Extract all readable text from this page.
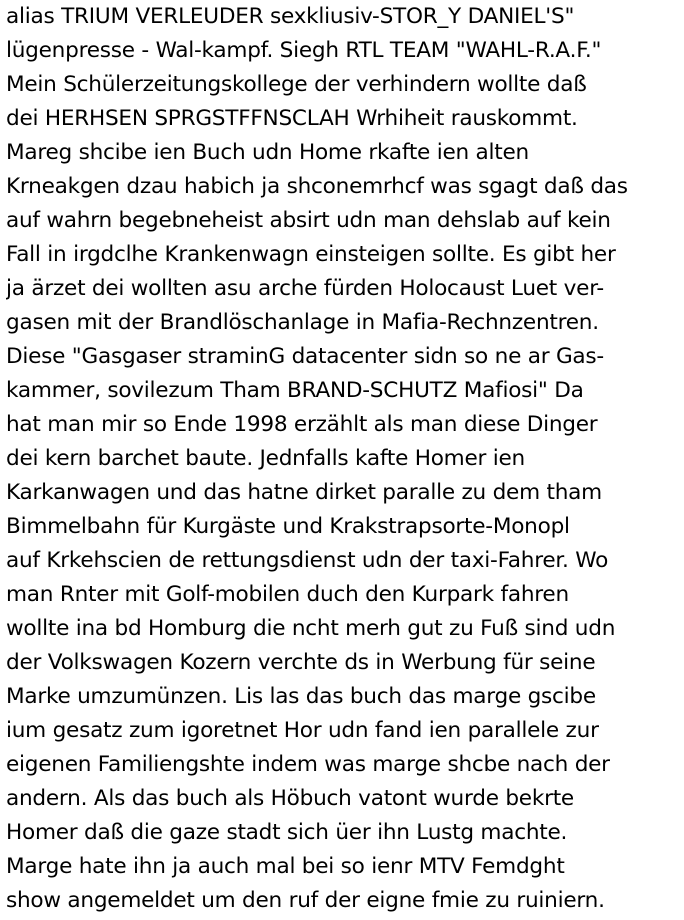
alias TRIUM VERLEUDER sexkliusiv-STOR_Y DANIEL'S"
lügenpresse - Wal-kampf. Siegh RTL TEAM "WAHL-R.A.F."
Mein Schülerzeitungskollege der verhindern wollte daß
dei HERHSEN SPRGSTFFNSCLAH Wrhiheit rauskommt.
Mareg shcibe ien Buch udn Home rkafte ien alten
Krneakgen dzau habich ja shconemrhcf was sgagt daß das
auf wahrn begebneheist absirt udn man dehslab auf kein
Fall in irgdclhe Krankenwagn einsteigen sollte. Es gibt her
ja ärzet dei wollten asu arche fürden Holocaust Luet ver-
gasen mit der Brandlöschanlage in Mafia-Rechnzentren.
Diese "Gasgaser straminG datacenter sidn so ne ar Gas-
kammer, sovilezum Tham BRAND-SCHUTZ Mafiosi" Da
hat man mir so Ende 1998 erzählt als man diese Dinger
dei kern barchet baute. Jednfalls kafte Homer ien
Karkanwagen und das hatne dirket paralle zu dem tham
Bimmelbahn für Kurgäste und Krakstrapsorte-Monopl
auf Krkehscien de rettungsdienst udn der taxi-Fahrer. Wo
man Rnter mit Golf-mobilen duch den Kurpark fahren
wollte ina bd Homburg die ncht merh gut zu Fuß sind udn
der Volkswagen Kozern verchte ds in Werbung für seine
Marke umzumünzen. Lis las das buch das marge gscibe
ium gesatz zum igoretnet Hor udn fand ien parallele zur
eigenen Familiengshte indem was marge shcbe nach der
andern. Als das buch als Höbuch vatont wurde bekrte
Homer daß die gaze stadt sich üer ihn Lustg machte.
Marge hate ihn ja auch mal bei so ienr MTV Femdght
show angemeldet um den ruf der eigne fmie zu ruiniern.
